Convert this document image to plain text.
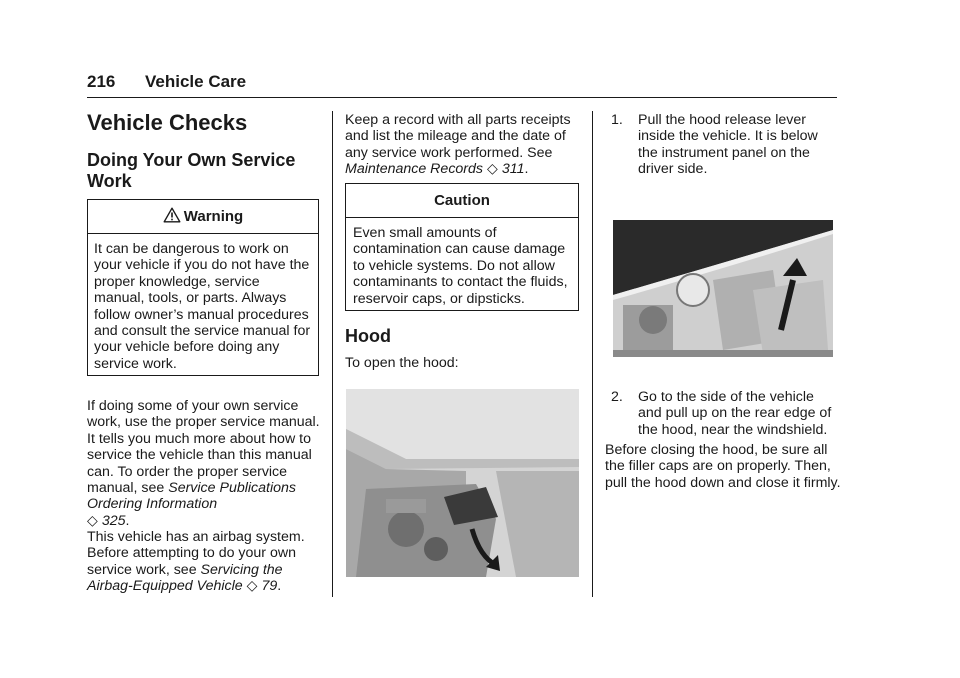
216 Vehicle Care
Vehicle Checks
Doing Your Own Service Work
Warning
It can be dangerous to work on your vehicle if you do not have the proper knowledge, service manual, tools, or parts. Always follow owner’s manual procedures and consult the service manual for your vehicle before doing any service work.
If doing some of your own service work, use the proper service manual. It tells you much more about how to service the vehicle than this manual can. To order the proper service manual, see Service Publications Ordering Information
◇ 325.
This vehicle has an airbag system. Before attempting to do your own service work, see Servicing the Airbag-Equipped Vehicle ◇ 79.
Keep a record with all parts receipts and list the mileage and the date of any service work performed. See Maintenance Records ◇ 311.
Caution
Even small amounts of contamination can cause damage to vehicle systems. Do not allow contaminants to contact the fluids, reservoir caps, or dipsticks.
Hood
To open the hood:
1. Pull the hood release lever inside the vehicle. It is below the instrument panel on the driver side.
2. Go to the side of the vehicle and pull up on the rear edge of the hood, near the windshield.
Before closing the hood, be sure all the filler caps are on properly. Then, pull the hood down and close it firmly.
